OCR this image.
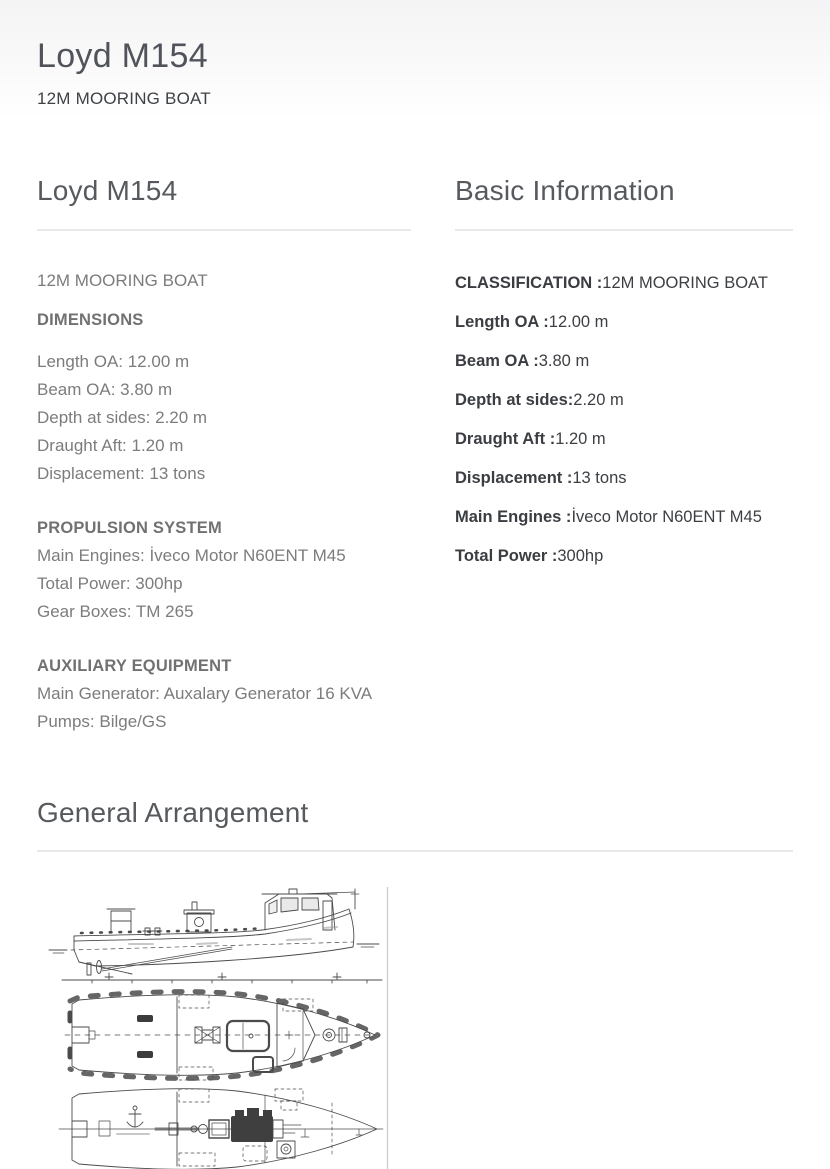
Loyd M154
12M MOORING BOAT
Loyd M154

12M MOORING BOAT

DIMENSIONS

Length OA: 12.00 m
Beam OA: 3.80 m
Depth at sides: 2.20 m
Draught Aft: 1.20 m
Displacement: 13 tons
PROPULSION SYSTEM
Main Engines: İveco Motor N60ENT M45
Total Power: 300hp
Gear Boxes: TM 265
AUXILIARY EQUIPMENT
Main Generator: Auxalary Generator 16 KVA
Pumps: Bilge/GS
Basic Information
CLASSIFICATION :12M MOORING BOAT
Length OA :12.00 m
Beam OA :3.80 m
Depth at sides:2.20 m
Draught Aft :1.20 m
Displacement :13 tons
Main Engines :İveco Motor N60ENT M45
Total Power :300hp
General Arrangement
